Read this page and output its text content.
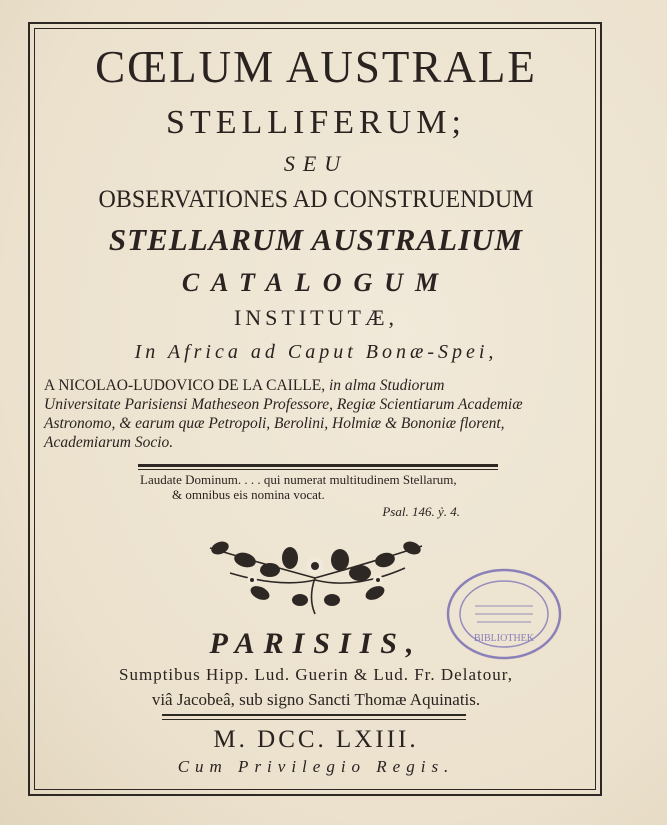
CŒLUM AUSTRALE
STELLIFERUM;
SEU
OBSERVATIONES AD CONSTRUENDUM
STELLARUM AUSTRALIUM
CATALOGUM
INSTITUTÆ,
In Africa ad Caput Bonæ-Spei,
A NICOLAO-LUDOVICO DE LA CAILLE, in alma Studiorum
Universitate Parisiensi Matheseon Professore, Regiæ Scientiarum Academiæ
Astronomo, & earum quæ Petropoli, Berolini, Holmiæ & Bononiæ florent,
Academiarum Socio.
Laudate Dominum. . . . qui numerat multitudinem Stellarum,
& omnibus eis nomina vocat.
Psal. 146. ỷ. 4.
BIBLIOTHEK
PARISIIS,
Sumptibus Hipp. Lud. Guerin & Lud. Fr. Delatour,
viâ Jacobeâ, sub signo Sancti Thomæ Aquinatis.
M. DCC. LXIII.
Cum Privilegio Regis.
